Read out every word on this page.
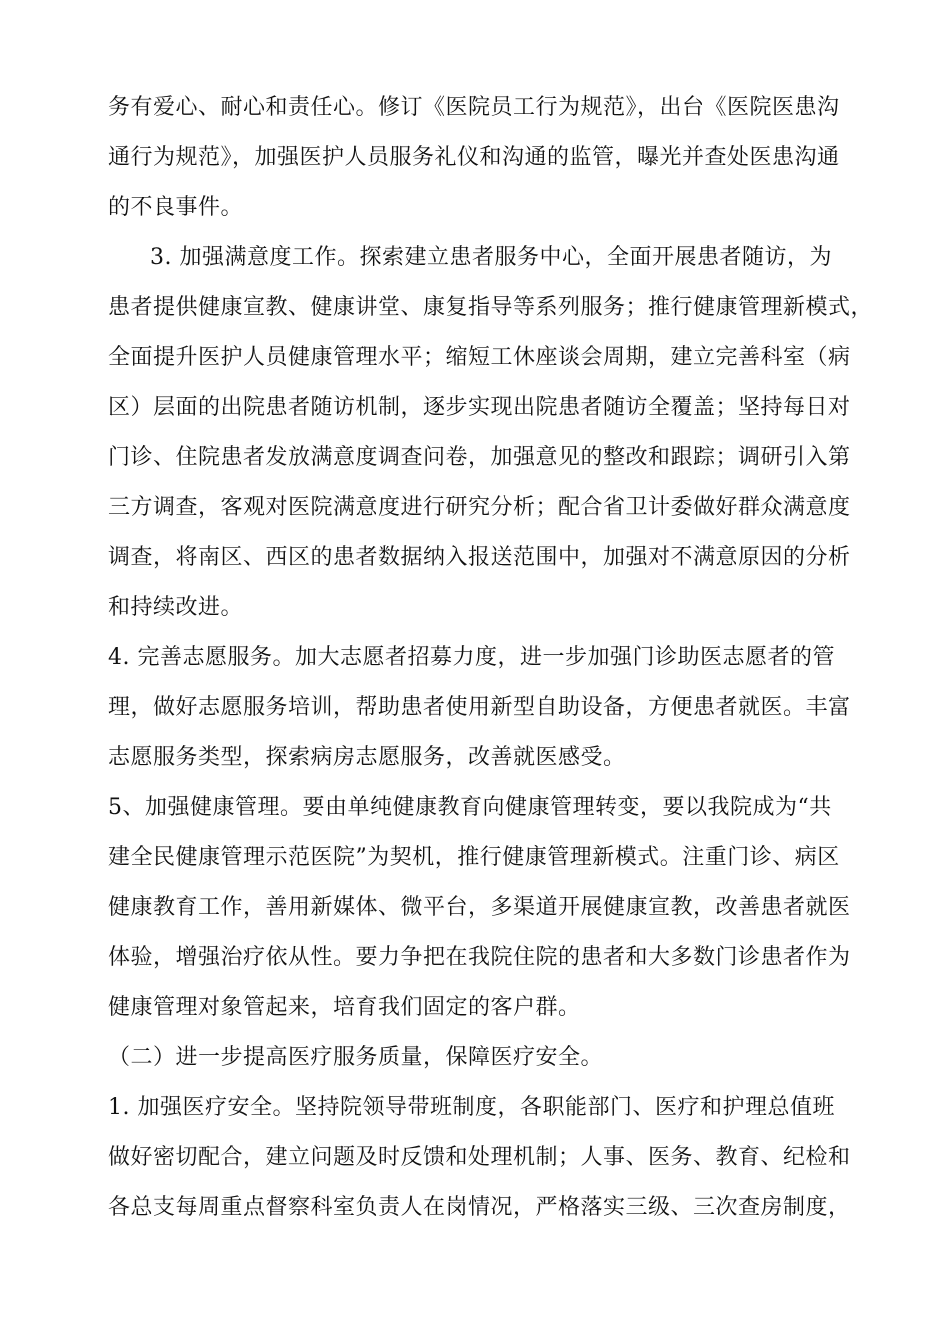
务有爱心、耐心和责任心。修订《医院员工行为规范》，出台《医院医患沟
通行为规范》，加强医护人员服务礼仪和沟通的监管，曝光并查处医患沟通
的不良事件。
3. 加强满意度工作。探索建立患者服务中心，全面开展患者随访，为
患者提供健康宣教、健康讲堂、康复指导等系列服务；推行健康管理新模式，
全面提升医护人员健康管理水平；缩短工休座谈会周期，建立完善科室（病
区）层面的出院患者随访机制，逐步实现出院患者随访全覆盖；坚持每日对
门诊、住院患者发放满意度调查问卷，加强意见的整改和跟踪；调研引入第
三方调查，客观对医院满意度进行研究分析；配合省卫计委做好群众满意度
调查，将南区、西区的患者数据纳入报送范围中，加强对不满意原因的分析
和持续改进。
4. 完善志愿服务。加大志愿者招募力度，进一步加强门诊助医志愿者的管
理，做好志愿服务培训，帮助患者使用新型自助设备，方便患者就医。丰富
志愿服务类型，探索病房志愿服务，改善就医感受。
5、加强健康管理。要由单纯健康教育向健康管理转变，要以我院成为“共
建全民健康管理示范医院”为契机，推行健康管理新模式。注重门诊、病区
健康教育工作，善用新媒体、微平台，多渠道开展健康宣教，改善患者就医
体验，增强治疗依从性。要力争把在我院住院的患者和大多数门诊患者作为
健康管理对象管起来，培育我们固定的客户群。
（二）进一步提高医疗服务质量，保障医疗安全。
1. 加强医疗安全。坚持院领导带班制度，各职能部门、医疗和护理总值班
做好密切配合，建立问题及时反馈和处理机制；人事、医务、教育、纪检和
各总支每周重点督察科室负责人在岗情况，严格落实三级、三次查房制度，
